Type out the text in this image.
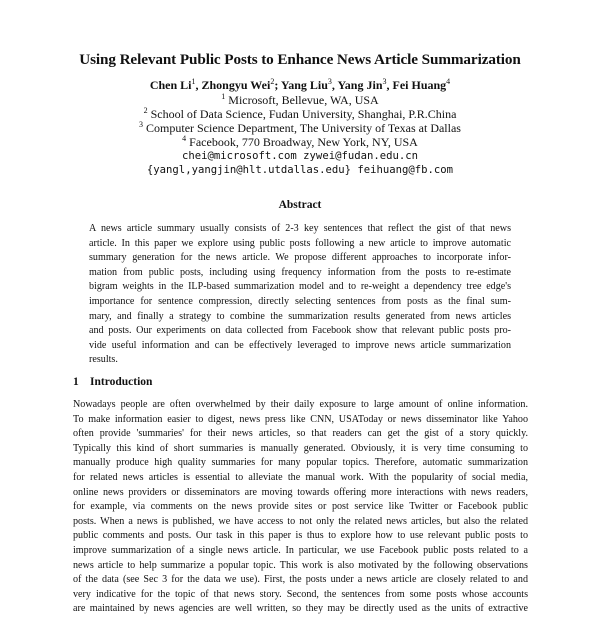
Using Relevant Public Posts to Enhance News Article Summarization
Chen Li$^1$, Zhongyu Wei$^2$; Yang Liu$^3$, Yang Jin$^3$, Fei Huang$^4$
$^1$ Microsoft, Bellevue, WA, USA
$^2$ School of Data Science, Fudan University, Shanghai, P.R.China
$^3$ Computer Science Department, The University of Texas at Dallas
$^4$ Facebook, 770 Broadway, New York, NY, USA
chei@microsoft.com zywei@fudan.edu.cn
{yangl,yangjin@hlt.utdallas.edu} feihuang@fb.com
Abstract
A news article summary usually consists of 2-3 key sentences that reflect the gist of that news
article. In this paper we explore using public posts following a new article to improve automatic
summary generation for the news article. We propose different approaches to incorporate infor-
mation from public posts, including using frequency information from the posts to re-estimate
bigram weights in the ILP-based summarization model and to re-weight a dependency tree edge's
importance for sentence compression, directly selecting sentences from posts as the final sum-
mary, and finally a strategy to combine the summarization results generated from news articles
and posts. Our experiments on data collected from Facebook show that relevant public posts pro-
vide useful information and can be effectively leveraged to improve news article summarization
results.
1 Introduction
Nowadays people are often overwhelmed by their daily exposure to large amount of online information.
To make information easier to digest, news press like CNN, USAToday or news disseminator like Yahoo
often provide 'summaries' for their news articles, so that readers can get the gist of a story quickly.
Typically this kind of short summaries is manually generated. Obviously, it is very time consuming to
manually produce high quality summaries for many popular topics. Therefore, automatic summarization
for related news articles is essential to alleviate the manual work. With the popularity of social media,
online news providers or disseminators are moving towards offering more interactions with news readers,
for example, via comments on the news provide sites or post service like Twitter or Facebook public
posts. When a news is published, we have access to not only the related news articles, but also the related
public comments and posts. Our task in this paper is thus to explore how to use relevant public posts to
improve summarization of a single news article. In particular, we use Facebook public posts related to a
news article to help summarize a popular topic. This work is also motivated by the following observations
of the data (see Sec 3 for the data we use). First, the posts under a news article are closely related to and
very indicative for the topic of that news story. Second, the sentences from some posts whose accounts
are maintained by news agencies are well written, so they may be directly used as the units of extractive
